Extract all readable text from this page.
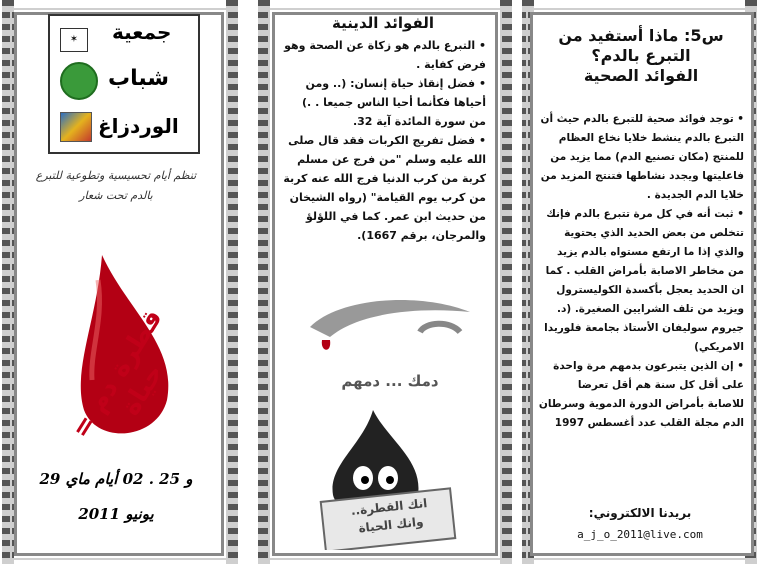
جمعية
✶
شباب
الوردزاغ
تنظم أيام تحسيسية وتطوعية للتبرع بالدم تحت شعار
قطرة دم = حياة
29 و 25 . 02 أيام ماي
يونيو 2011
الفوائد الدينية
• التبرع بالدم هو زكاة عن الصحة وهو فرض كفاية .
• فضل إنقاذ حياة إنسان: (.. ومن أحياها فكأنما أحيا الناس جميعا . .) من سورة المائدة آية 32.
• فضل تفريج الكربات فقد قال صلى الله عليه وسلم "من فرج عن مسلم كربة من كرب الدنيا فرج الله عنه كربة من كرب يوم القيامة" (رواه الشيخان من حديث ابن عمر. كما في اللؤلؤ والمرجان، برقم 1667).
دمك ... دمهم
انك القطرة..
وانك الحياة
س5: ماذا أستفيد من التبرع بالدم؟
الفوائد الصحية
• توجد فوائد صحية للتبرع بالدم حيث أن التبرع بالدم ينشط خلايا نخاع العظام للمنتج (مكان تصنيع الدم) مما يزيد من فاعليتها ويجدد نشاطها فتنتج المزيد من خلايا الدم الجديدة .
• ثبت أنه في كل مرة تتبرع بالدم فإنك تتخلص من بعض الحديد الذي يحتوية والذي إذا ما ارتفع مستواه بالدم يزيد من مخاطر الاصابة بأمراض القلب . كما ان الحديد يعجل بأكسدة الكوليسترول ويزيد من تلف الشرايين الصغيرة. (د. جيروم سوليفان الأستاذ بجامعة فلوريدا الامريكي)
• إن الذين يتبرعون بدمهم مرة واحدة على أقل كل سنة هم أقل تعرضا للاصابة بأمراض الدورة الدموية وسرطان الدم مجلة القلب عدد أغسطس 1997
بريدنا الالكتروني:
a_j_o_2011@live.com
